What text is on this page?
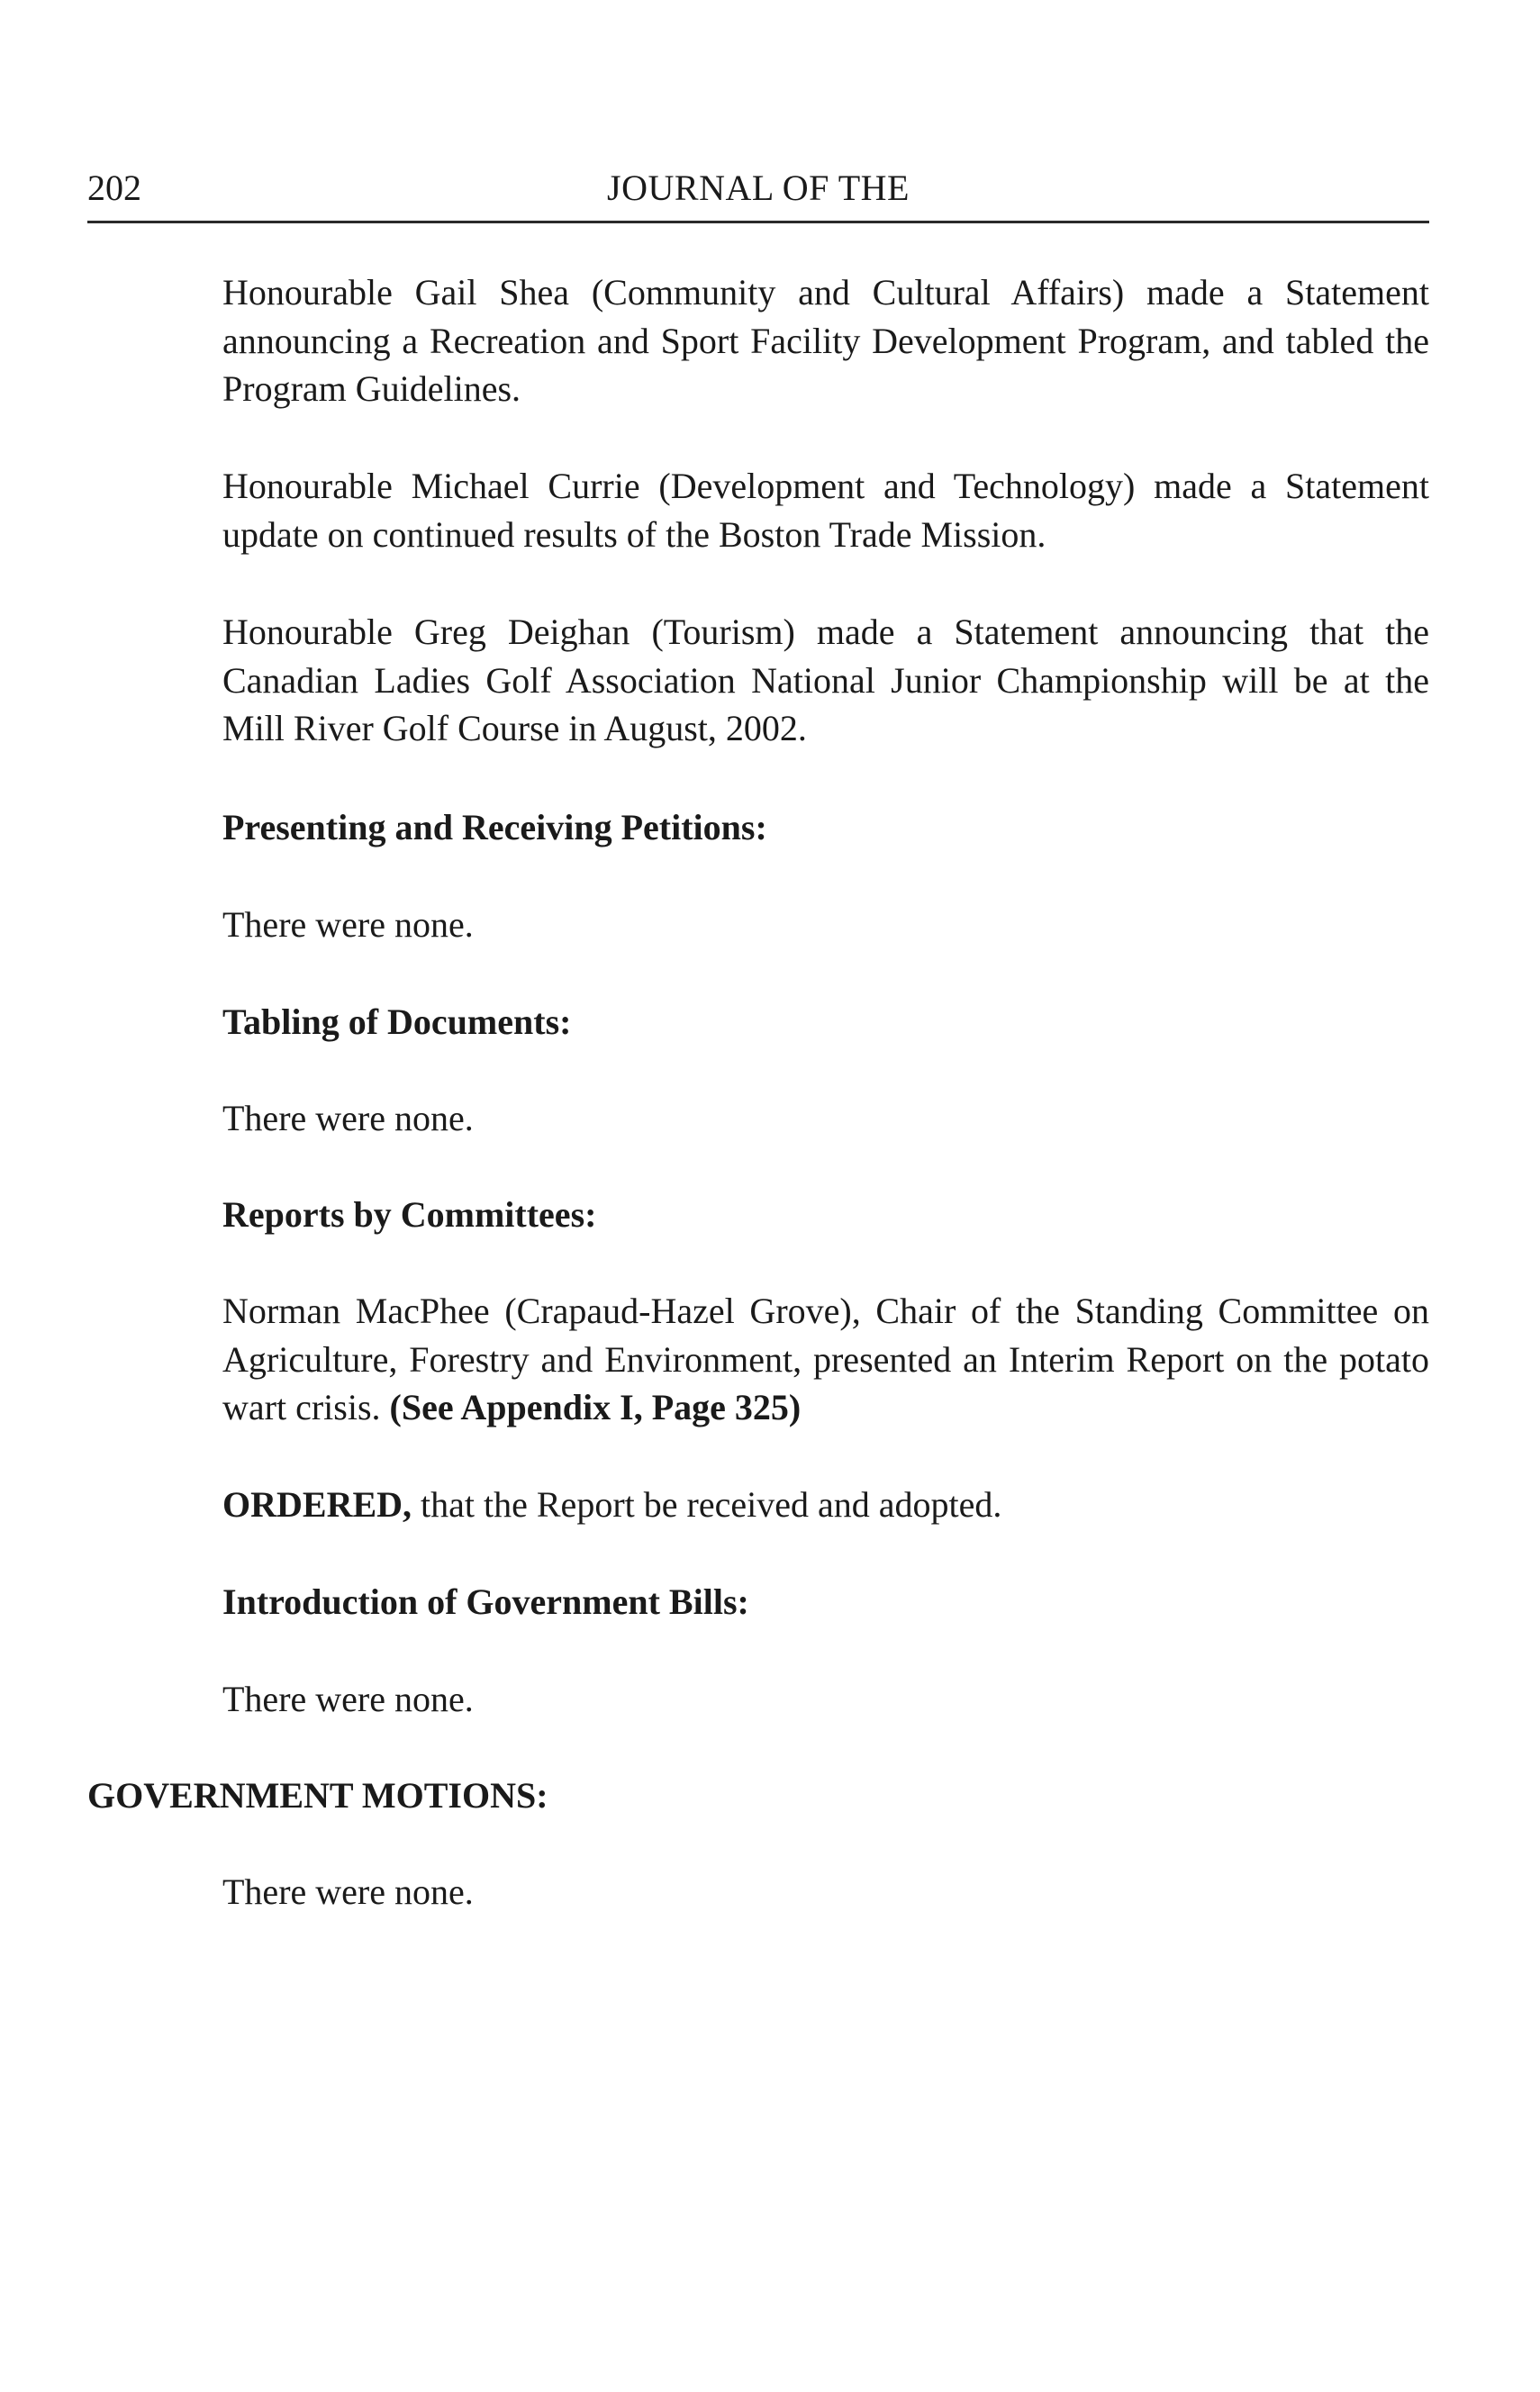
202	JOURNAL OF THE

Honourable Gail Shea (Community and Cultural Affairs) made a Statement announcing a Recreation and Sport Facility Development Program, and tabled the Program Guidelines.

Honourable Michael Currie (Development and Technology) made a Statement update on continued results of the Boston Trade Mission.

Honourable Greg Deighan (Tourism) made a Statement announcing that the Canadian Ladies Golf Association National Junior Championship will be at the Mill River Golf Course in August, 2002.

Presenting and Receiving Petitions:

There were none.

Tabling of Documents:

There were none.

Reports by Committees:

Norman MacPhee (Crapaud-Hazel Grove), Chair of the Standing Committee on Agriculture, Forestry and Environment, presented an Interim Report on the potato wart crisis. (See Appendix I, Page 325)

ORDERED, that the Report be received and adopted.

Introduction of Government Bills:

There were none.

GOVERNMENT MOTIONS:

There were none.
